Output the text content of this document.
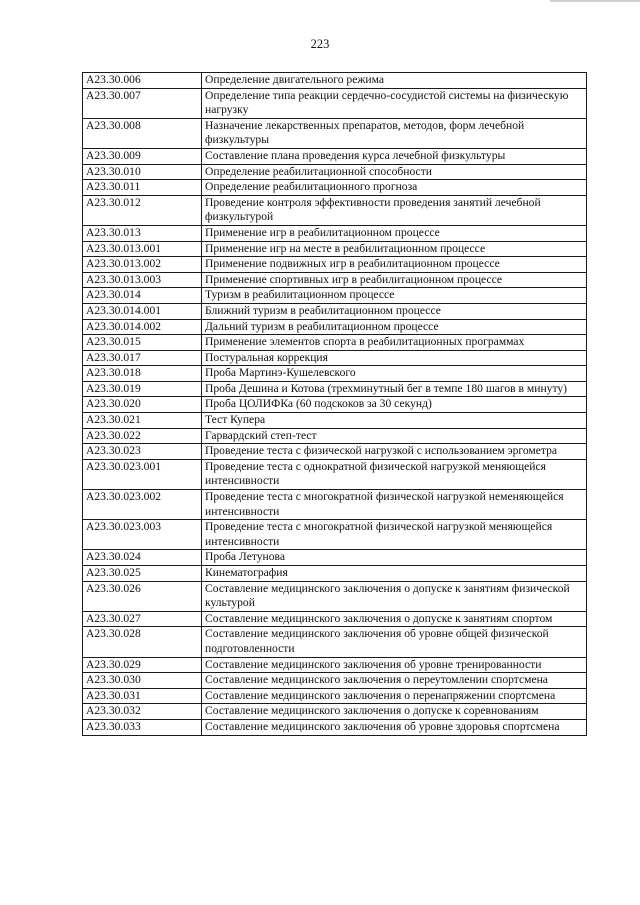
223
A23.30.006	Определение двигательного режима
A23.30.007	Определение типа реакции сердечно-сосудистой системы на физическую нагрузку
A23.30.008	Назначение лекарственных препаратов, методов, форм лечебной физкультуры
A23.30.009	Составление плана проведения курса лечебной физкультуры
A23.30.010	Определение реабилитационной способности
A23.30.011	Определение реабилитационного прогноза
A23.30.012	Проведение контроля эффективности проведения занятий лечебной физкультурой
A23.30.013	Применение игр в реабилитационном процессе
A23.30.013.001	Применение игр на месте в реабилитационном процессе
A23.30.013.002	Применение подвижных игр в реабилитационном процессе
A23.30.013.003	Применение спортивных игр в реабилитационном процессе
A23.30.014	Туризм в реабилитационном процессе
A23.30.014.001	Ближний туризм в реабилитационном процессе
A23.30.014.002	Дальний туризм в реабилитационном процессе
A23.30.015	Применение элементов спорта в реабилитационных программах
A23.30.017	Постуральная коррекция
A23.30.018	Проба Мартинэ-Кушелевского
A23.30.019	Проба Дешина и Котова (трехминутный бег в темпе 180 шагов в минуту)
A23.30.020	Проба ЦОЛИФКа (60 подскоков за 30 секунд)
A23.30.021	Тест Купера
A23.30.022	Гарвардский степ-тест
A23.30.023	Проведение теста с физической нагрузкой с использованием эргометра
A23.30.023.001	Проведение теста с однократной физической нагрузкой меняющейся интенсивности
A23.30.023.002	Проведение теста с многократной физической нагрузкой неменяющейся интенсивности
A23.30.023.003	Проведение теста с многократной физической нагрузкой меняющейся интенсивности
A23.30.024	Проба Летунова
A23.30.025	Кинематография
A23.30.026	Составление медицинского заключения о допуске к занятиям физической культурой
A23.30.027	Составление медицинского заключения о допуске к занятиям спортом
A23.30.028	Составление медицинского заключения об уровне общей физической подготовленности
A23.30.029	Составление медицинского заключения об уровне тренированности
A23.30.030	Составление медицинского заключения о переутомлении спортсмена
A23.30.031	Составление медицинского заключения о перенапряжении спортсмена
A23.30.032	Составление медицинского заключения о допуске к соревнованиям
A23.30.033	Составление медицинского заключения об уровне здоровья спортсмена
